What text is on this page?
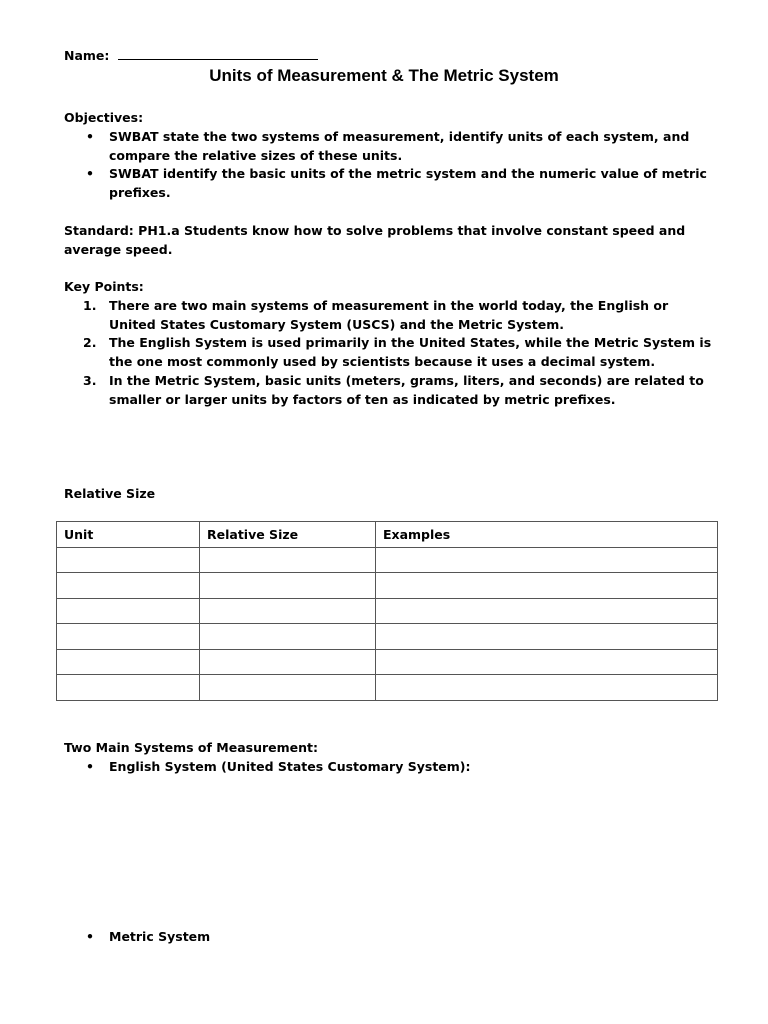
Name:
Units of Measurement & The Metric System

Objectives:

•	SWBAT state the two systems of measurement, identify units of each system, and compare the relative sizes of these units.
•	SWBAT identify the basic units of the metric system and the numeric value of metric prefixes.

Standard: PH1.a Students know how to solve problems that involve constant speed and average speed.

Key Points:

1.	There are two main systems of measurement in the world today, the English or United States Customary System (USCS) and the Metric System.
2.	The English System is used primarily in the United States, while the Metric System is the one most commonly used by scientists because it uses a decimal system.
3.	In the Metric System, basic units (meters, grams, liters, and seconds) are related to smaller or larger units by factors of ten as indicated by metric prefixes.
Relative Size
Unit	Relative Size	Examples

Two Main Systems of Measurement:

•	English System (United States Customary System):
•	Metric System
